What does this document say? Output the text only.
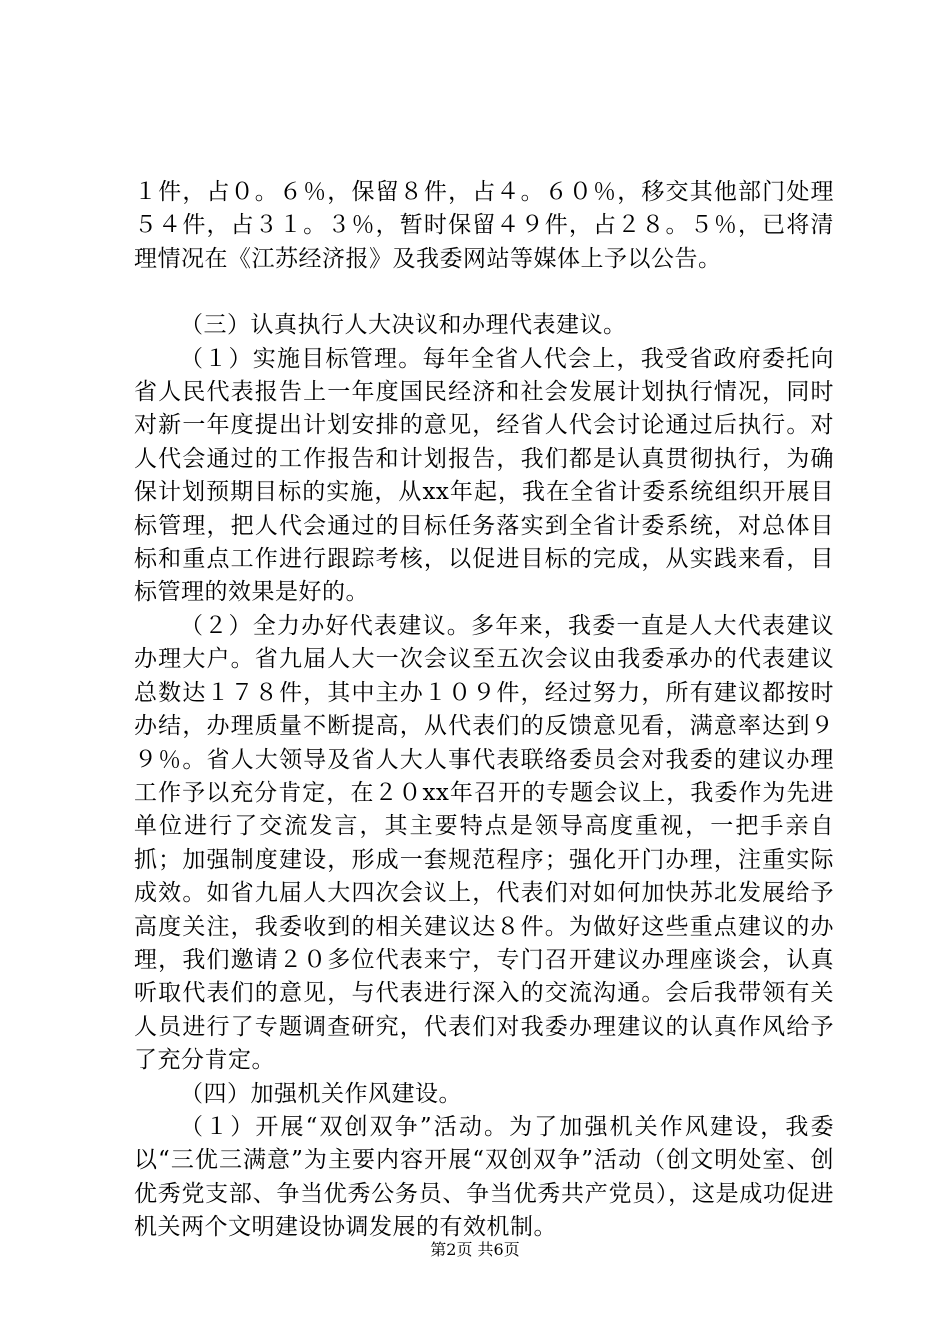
１件，占０。６％，保留８件，占４。６０％，移交其他部门处理５４件，占３１。３％，暂时保留４９件，占２８。５％，已将清理情况在《江苏经济报》及我委网站等媒体上予以公告。

（三）认真执行人大决议和办理代表建议。

（１）实施目标管理。每年全省人代会上，我受省政府委托向省人民代表报告上一年度国民经济和社会发展计划执行情况，同时对新一年度提出计划安排的意见，经省人代会讨论通过后执行。对人代会通过的工作报告和计划报告，我们都是认真贯彻执行，为确保计划预期目标的实施，从xx年起，我在全省计委系统组织开展目标管理，把人代会通过的目标任务落实到全省计委系统，对总体目标和重点工作进行跟踪考核，以促进目标的完成，从实践来看，目标管理的效果是好的。

（２）全力办好代表建议。多年来，我委一直是人大代表建议办理大户。省九届人大一次会议至五次会议由我委承办的代表建议总数达１７８件，其中主办１０９件，经过努力，所有建议都按时办结，办理质量不断提高，从代表们的反馈意见看，满意率达到９９％。省人大领导及省人大人事代表联络委员会对我委的建议办理工作予以充分肯定，在２０xx年召开的专题会议上，我委作为先进单位进行了交流发言，其主要特点是领导高度重视，一把手亲自抓；加强制度建设，形成一套规范程序；强化开门办理，注重实际成效。如省九届人大四次会议上，代表们对如何加快苏北发展给予高度关注，我委收到的相关建议达８件。为做好这些重点建议的办理，我们邀请２０多位代表来宁，专门召开建议办理座谈会，认真听取代表们的意见，与代表进行深入的交流沟通。会后我带领有关人员进行了专题调查研究，代表们对我委办理建议的认真作风给予了充分肯定。

（四）加强机关作风建设。

（１）开展“双创双争”活动。为了加强机关作风建设，我委以“三优三满意”为主要内容开展“双创双争”活动（创文明处室、创优秀党支部、争当优秀公务员、争当优秀共产党员），这是成功促进机关两个文明建设协调发展的有效机制。

第2页 共6页
